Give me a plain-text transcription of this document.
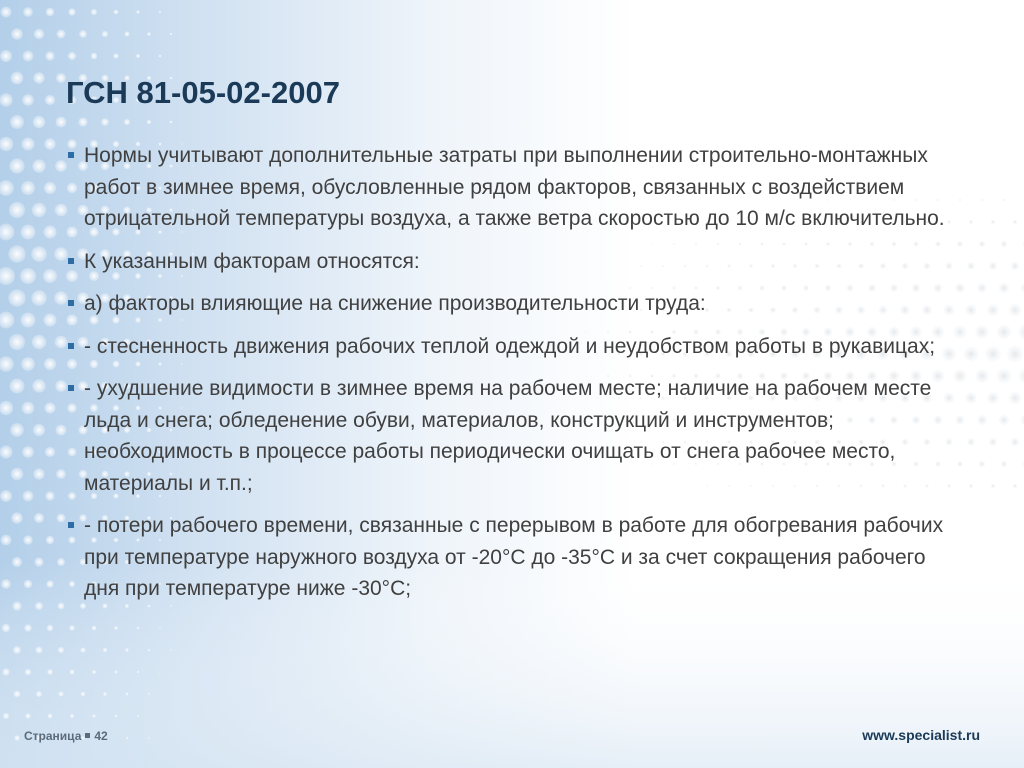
ГСН 81-05-02-2007
Нормы учитывают дополнительные затраты при выполнении строительно-монтажных работ в зимнее время, обусловленные рядом факторов, связанных с воздействием отрицательной температуры воздуха, а также ветра скоростью до 10 м/с включительно.
К указанным факторам относятся:
а) факторы влияющие на снижение производительности труда:
- стесненность движения рабочих теплой одеждой и неудобством работы в рукавицах;
- ухудшение видимости в зимнее время на рабочем месте; наличие на рабочем месте льда и снега; обледенение обуви, материалов, конструкций и инструментов; необходимость в процессе работы периодически очищать от снега рабочее место, материалы и т.п.;
- потери рабочего времени, связанные с перерывом в работе для обогревания рабочих при температуре наружного воздуха от -20°С до -35°С и за счет сокращения рабочего дня при температуре ниже -30°С;
Страница 42	www.specialist.ru
